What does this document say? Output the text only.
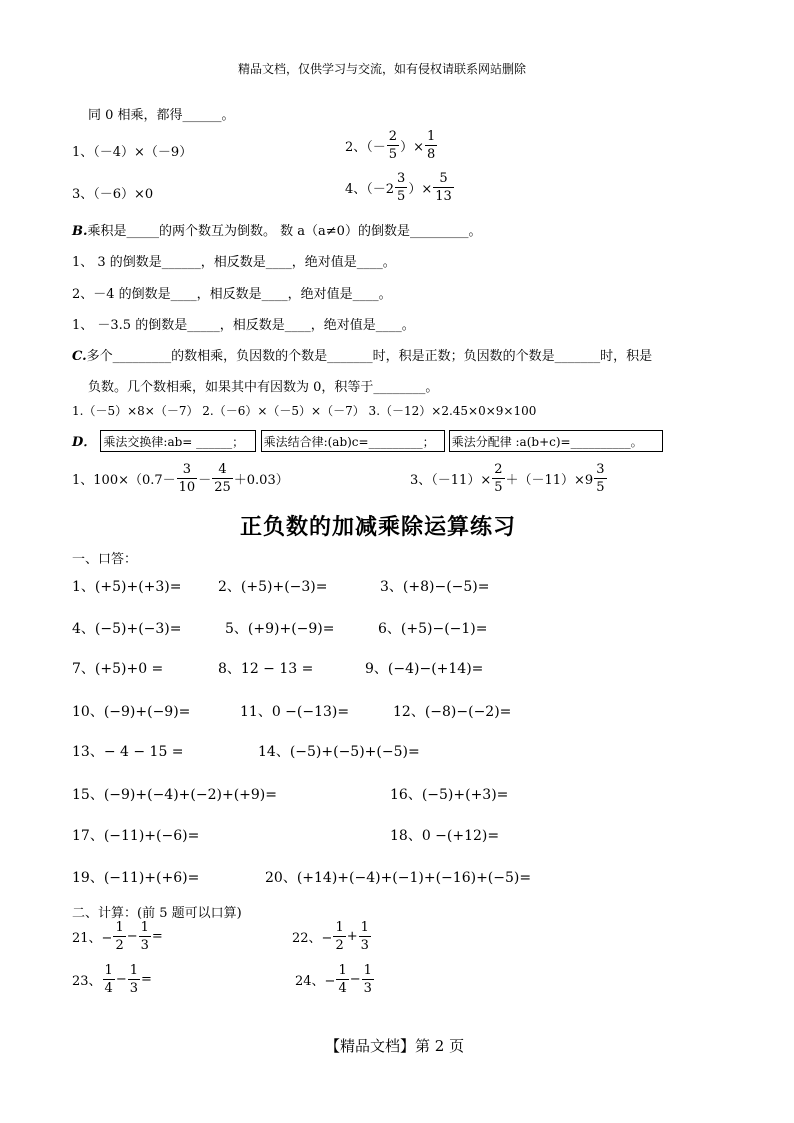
精品文档，仅供学习与交流，如有侵权请联系网站删除
同 0 相乘，都得______。
1、（－4）×（－9）	2、（－ $\frac{2}{5}$ ）× $\frac{1}{8}$
3、（－6）×0	4、（$-2 \frac{3}{5}$ ）× $\frac{5}{13}$
B.乘积是_____的两个数互为倒数。 数 a（a≠0）的倒数是_________。
1、 3 的倒数是______，相反数是____，绝对值是____。
2、－4 的倒数是____，相反数是____，绝对值是____。
1、 －3.5 的倒数是_____，相反数是____，绝对值是____。
C.多个_________的数相乘，负因数的个数是_______时，积是正数；负因数的个数是_______时，积是
负数。几个数相乘，如果其中有因数为 0，积等于________。
1.（－5）×8×（－7） 2.（－6）×（－5）×（－7） 3.（－12）×2.45×0×9×100
D． 乘法交换律:ab= ______； 乘法结合律:(ab)c=_________； 乘法分配律 :a(b+c)=__________。
1、$100\times(0.7- \frac{3}{10} - \frac{4}{25} +0.03)$	3、$(-11)\times \frac{2}{5} +(-11)\times 9 \frac{3}{5}$
正负数的加减乘除运算练习
一、口答：
1、(+5)+(+3)=	2、(+5)+(−3)=	3、(+8)−(−5)=
4、(−5)+(−3)=	5、(+9)+(−9)=	6、(+5)−(−1)=
7、(+5)+0 =	8、12 − 13 =	9、(−4)−(+14)=
10、(−9)+(−9)=	11、0 −(−13)=	12、(−8)−(−2)=
13、− 4 − 15 =	14、(−5)+(−5)+(−5)=
15、(−9)+(−4)+(−2)+(+9)=	16、(−5)+(+3)=
17、(−11)+(−6)=	18、0 −(+12)=
19、(−11)+(+6)=	20、(+14)+(−4)+(−1)+(−16)+(−5)=
二、计算：(前 5 题可以口算)
21、− $\frac{1}{2} - \frac{1}{3}$ =	22、− $\frac{1}{2} + \frac{1}{3}$
23、 $\frac{1}{4} - \frac{1}{3}$ =	24、− $\frac{1}{4} - \frac{1}{3}$
【精品文档】第 2 页
